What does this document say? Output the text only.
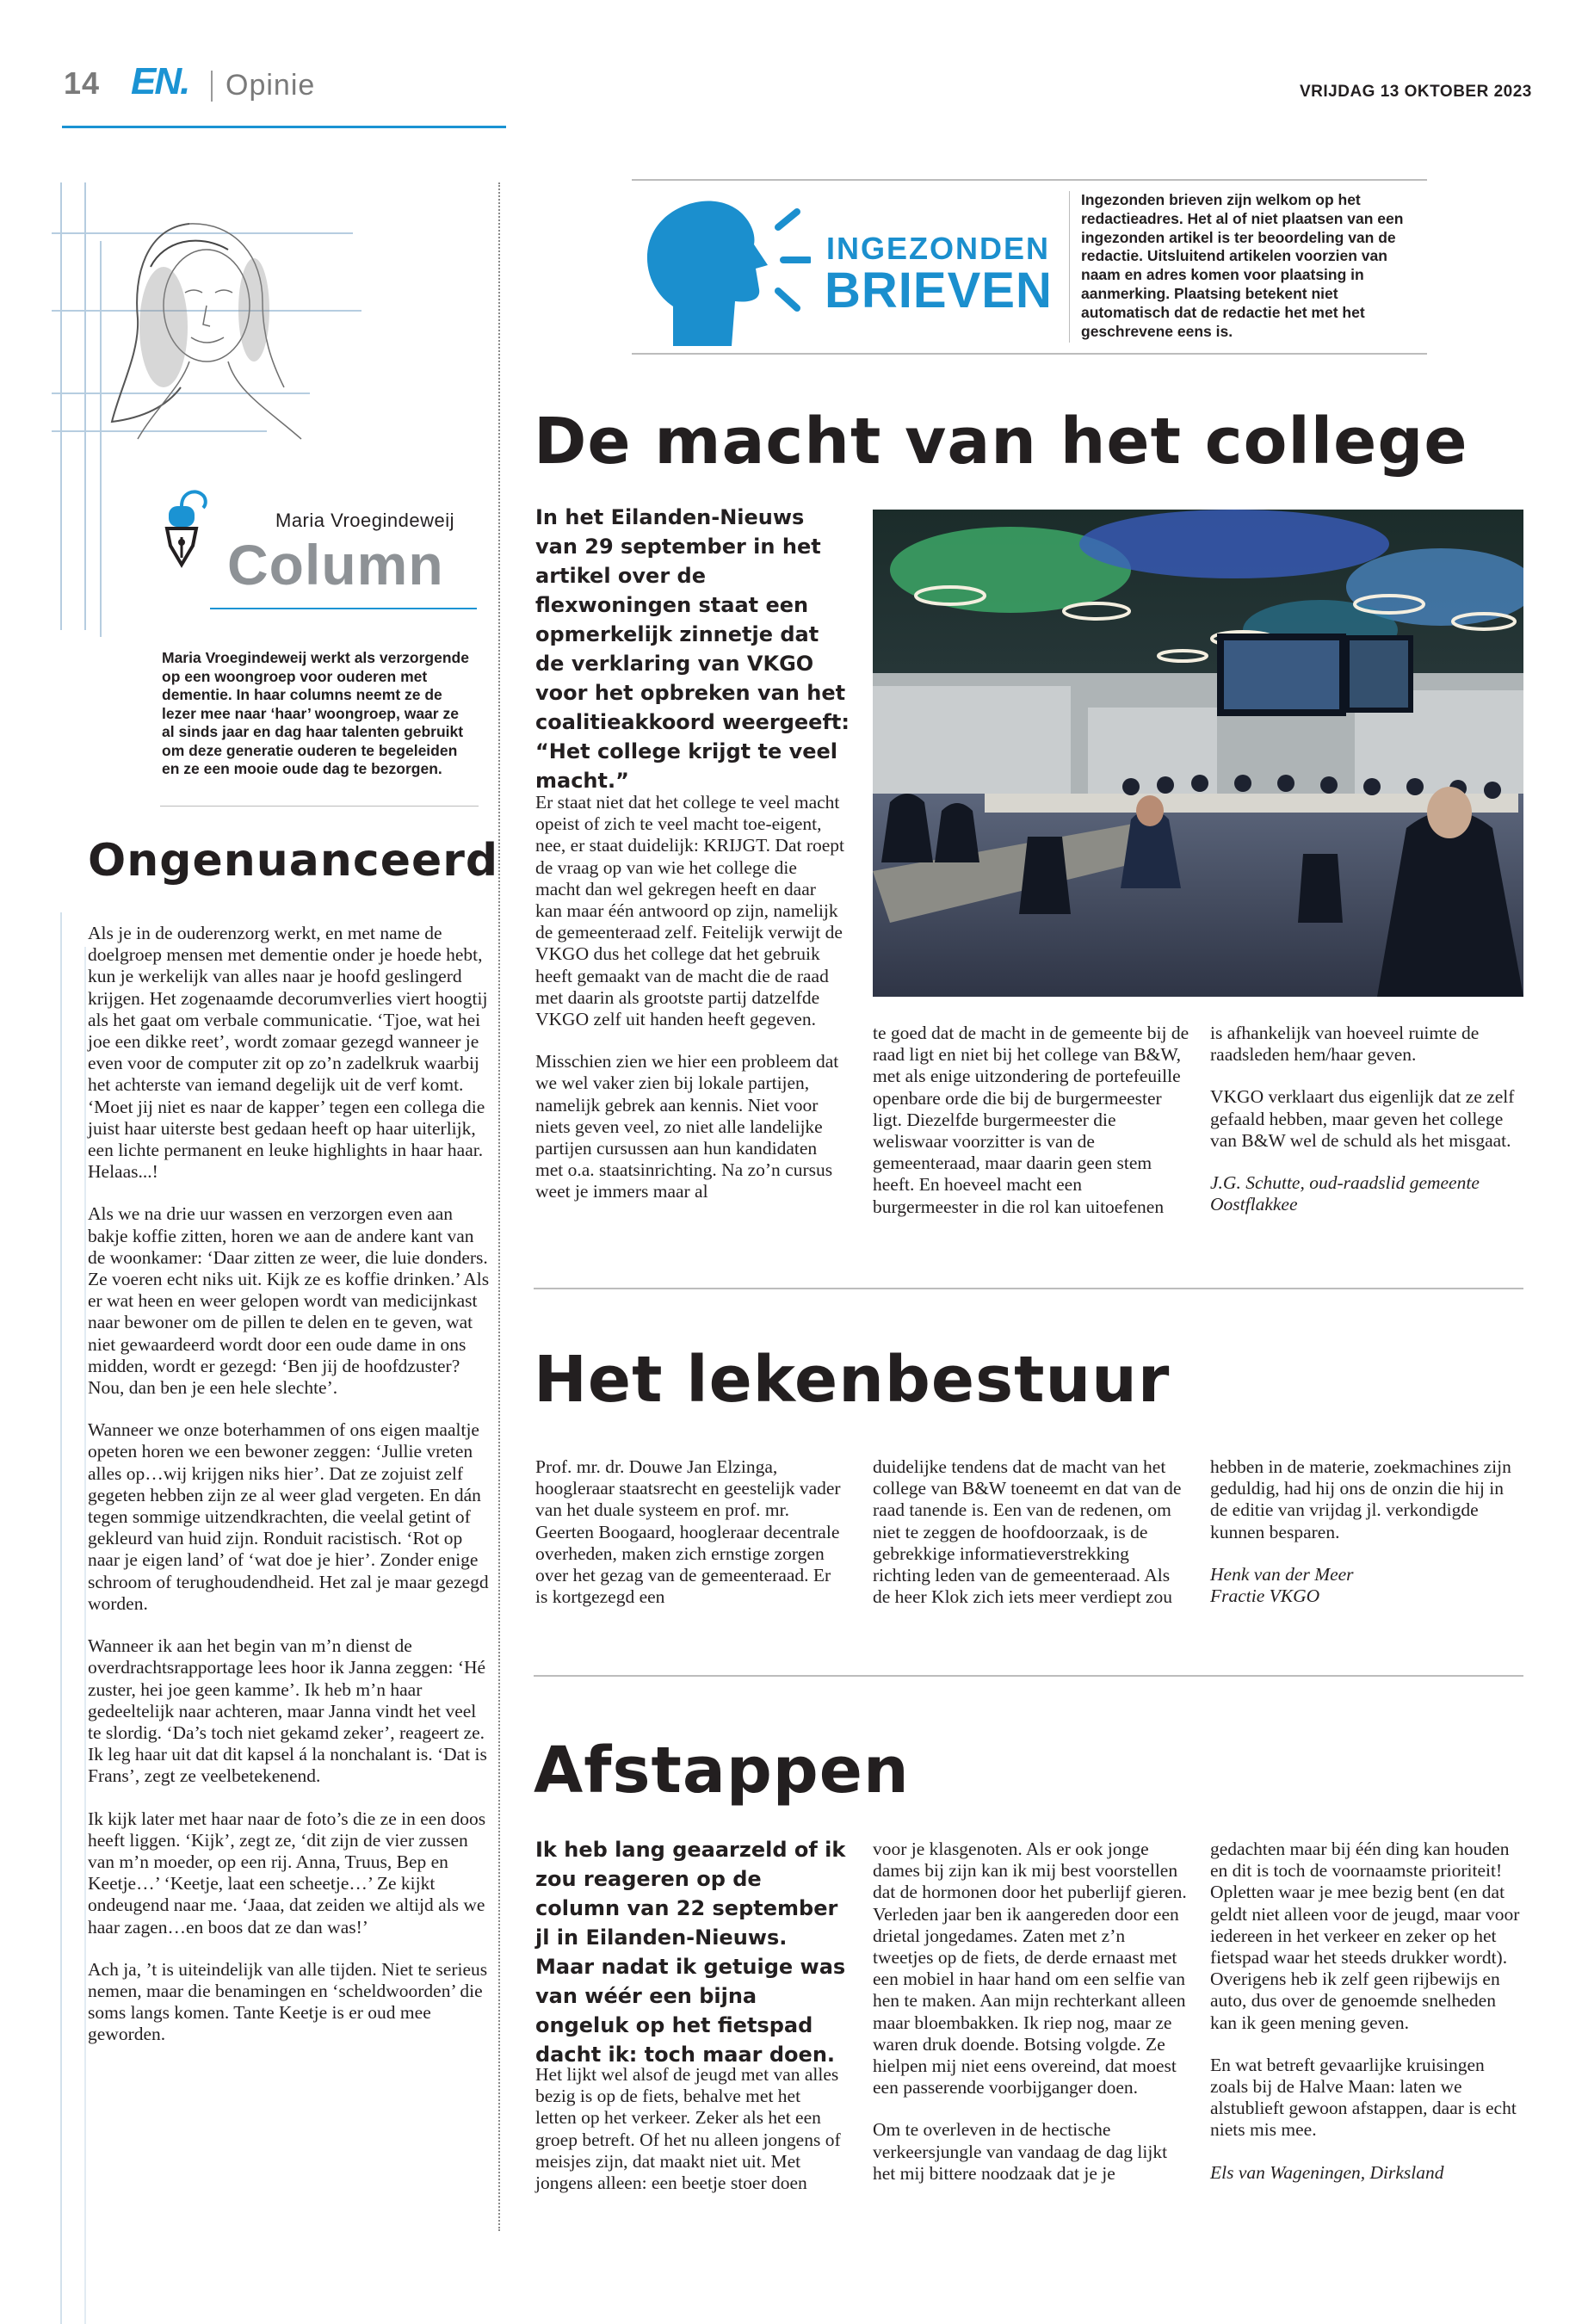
14 EN. Opinie	VRIJDAG 13 OKTOBER 2023
Maria Vroegindeweij
Column
Maria Vroegindeweij werkt als verzorgende op een woongroep voor ouderen met dementie. In haar columns neemt ze de lezer mee naar ‘haar’ woongroep, waar ze al sinds jaar en dag haar talenten gebruikt om deze generatie ouderen te begeleiden en ze een mooie oude dag te bezorgen.
Ongenuanceerd

Als je in de ouderenzorg werkt, en met name de doelgroep mensen met dementie onder je hoede hebt, kun je werkelijk van alles naar je hoofd geslingerd krijgen. Het zogenaamde decorumverlies viert hoogtij als het gaat om verbale communicatie. ‘Tjoe, wat hei joe een dikke reet’, wordt zomaar gezegd wanneer je even voor de computer zit op zo’n zadelkruk waarbij het achterste van iemand degelijk uit de verf komt. ‘Moet jij niet es naar de kapper’ tegen een collega die juist haar uiterste best gedaan heeft op haar uiterlijk, een lichte permanent en leuke highlights in haar haar. Helaas...!

Als we na drie uur wassen en verzorgen even aan bakje koffie zitten, horen we aan de andere kant van de woonkamer: ‘Daar zitten ze weer, die luie donders. Ze voeren echt niks uit. Kijk ze es koffie drinken.’ Als er wat heen en weer gelopen wordt van medicijnkast naar bewoner om de pillen te delen en te geven, wat niet gewaardeerd wordt door een oude dame in ons midden, wordt er gezegd: ‘Ben jij de hoofdzuster? Nou, dan ben je een hele slechte’.

Wanneer we onze boterhammen of ons eigen maaltje opeten horen we een bewoner zeggen: ‘Jullie vreten alles op…wij krijgen niks hier’. Dat ze zojuist zelf gegeten hebben zijn ze al weer glad vergeten. En dán tegen sommige uitzendkrachten, die veelal getint of gekleurd van huid zijn. Ronduit racistisch. ‘Rot op naar je eigen land’ of ‘wat doe je hier’. Zonder enige schroom of terughoudendheid. Het zal je maar gezegd worden.

Wanneer ik aan het begin van m’n dienst de overdrachtsrapportage lees hoor ik Janna zeggen: ‘Hé zuster, hei joe geen kamme’. Ik heb m’n haar gedeeltelijk naar achteren, maar Janna vindt het veel te slordig. ‘Da’s toch niet gekamd zeker’, reageert ze. Ik leg haar uit dat dit kapsel á la nonchalant is. ‘Dat is Frans’, zegt ze veelbetekenend.

Ik kijk later met haar naar de foto’s die ze in een doos heeft liggen. ‘Kijk’, zegt ze, ‘dit zijn de vier zussen van m’n moeder, op een rij. Anna, Truus, Bep en Keetje…’ ‘Keetje, laat een scheetje…’ Ze kijkt ondeugend naar me. ‘Jaaa, dat zeiden we altijd als we haar zagen…en boos dat ze dan was!’

Ach ja, ’t is uiteindelijk van alle tijden. Niet te serieus nemen, maar die benamingen en ‘scheldwoorden’ die soms langs komen. Tante Keetje is er oud mee geworden.

INGEZONDEN
BRIEVEN
Ingezonden brieven zijn welkom op het redactieadres. Het al of niet plaatsen van een ingezonden artikel is ter beoordeling van de redactie. Uitsluitend artikelen voorzien van naam en adres komen voor plaatsing in aanmerking. Plaatsing betekent niet automatisch dat de redactie het met het geschrevene eens is.
De macht van het college
In het Eilanden-Nieuws van 29 september in het artikel over de flexwoningen staat een opmerkelijk zinnetje dat de verklaring van VKGO voor het opbreken van het coalitieakkoord weergeeft: “Het college krijgt te veel macht.”

Er staat niet dat het college te veel macht opeist of zich te veel macht toe-eigent, nee, er staat duidelijk: KRIJGT. Dat roept de vraag op van wie het college die macht dan wel gekregen heeft en daar kan maar één antwoord op zijn, namelijk de gemeenteraad zelf. Feitelijk verwijt de VKGO dus het college dat het gebruik heeft gemaakt van de macht die de raad met daarin als grootste partij datzelfde VKGO zelf uit handen heeft gegeven.

Misschien zien we hier een probleem dat we wel vaker zien bij lokale partijen, namelijk gebrek aan kennis. Niet voor niets geven veel, zo niet alle landelijke partijen cursussen aan hun kandidaten met o.a. staatsinrichting. Na zo’n cursus weet je immers maar al

te goed dat de macht in de gemeente bij de raad ligt en niet bij het college van B&W, met als enige uitzondering de portefeuille openbare orde die bij de burgermeester ligt. Diezelfde burgermeester die weliswaar voorzitter is van de gemeenteraad, maar daarin geen stem heeft. En hoeveel macht een burgermeester in die rol kan uitoefenen

is afhankelijk van hoeveel ruimte de raadsleden hem/haar geven.

VKGO verklaart dus eigenlijk dat ze zelf gefaald hebben, maar geven het college van B&W wel de schuld als het misgaat.

J.G. Schutte, oud-raadslid gemeente Oostflakkee

Het lekenbestuur

Prof. mr. dr. Douwe Jan Elzinga, hoogleraar staatsrecht en geestelijk vader van het duale systeem en prof. mr. Geerten Boogaard, hoogleraar decentrale overheden, maken zich ernstige zorgen over het gezag van de gemeenteraad. Er is kortgezegd een

duidelijke tendens dat de macht van het college van B&W toeneemt en dat van de raad tanende is. Een van de redenen, om niet te zeggen de hoofdoorzaak, is de gebrekkige informatieverstrekking richting leden van de gemeenteraad. Als de heer Klok zich iets meer verdiept zou

hebben in de materie, zoekmachines zijn geduldig, had hij ons de onzin die hij in de editie van vrijdag jl. verkondigde kunnen besparen.

Henk van der Meer
Fractie VKGO
Afstappen
Ik heb lang geaarzeld of ik zou reageren op de column van 22 september jl in Eilanden-Nieuws. Maar nadat ik getuige was van wéér een bijna ongeluk op het fietspad dacht ik: toch maar doen.

Het lijkt wel alsof de jeugd met van alles bezig is op de fiets, behalve met het letten op het verkeer. Zeker als het een groep betreft. Of het nu alleen jongens of meisjes zijn, dat maakt niet uit. Met jongens alleen: een beetje stoer doen

voor je klasgenoten. Als er ook jonge dames bij zijn kan ik mij best voorstellen dat de hormonen door het puberlijf gieren. Verleden jaar ben ik aangereden door een drietal jongedames. Zaten met z’n tweetjes op de fiets, de derde ernaast met een mobiel in haar hand om een selfie van hen te maken. Aan mijn rechterkant alleen maar bloembakken. Ik riep nog, maar ze waren druk doende. Botsing volgde. Ze hielpen mij niet eens overeind, dat moest een passerende voorbijganger doen.

Om te overleven in de hectische verkeersjungle van vandaag de dag lijkt het mij bittere noodzaak dat je je

gedachten maar bij één ding kan houden en dit is toch de voornaamste prioriteit! Opletten waar je mee bezig bent (en dat geldt niet alleen voor de jeugd, maar voor iedereen in het verkeer en zeker op het fietspad waar het steeds drukker wordt). Overigens heb ik zelf geen rijbewijs en auto, dus over de genoemde snelheden kan ik geen mening geven.

En wat betreft gevaarlijke kruisingen zoals bij de Halve Maan: laten we alstublieft gewoon afstappen, daar is echt niets mis mee.

Els van Wageningen, Dirksland
